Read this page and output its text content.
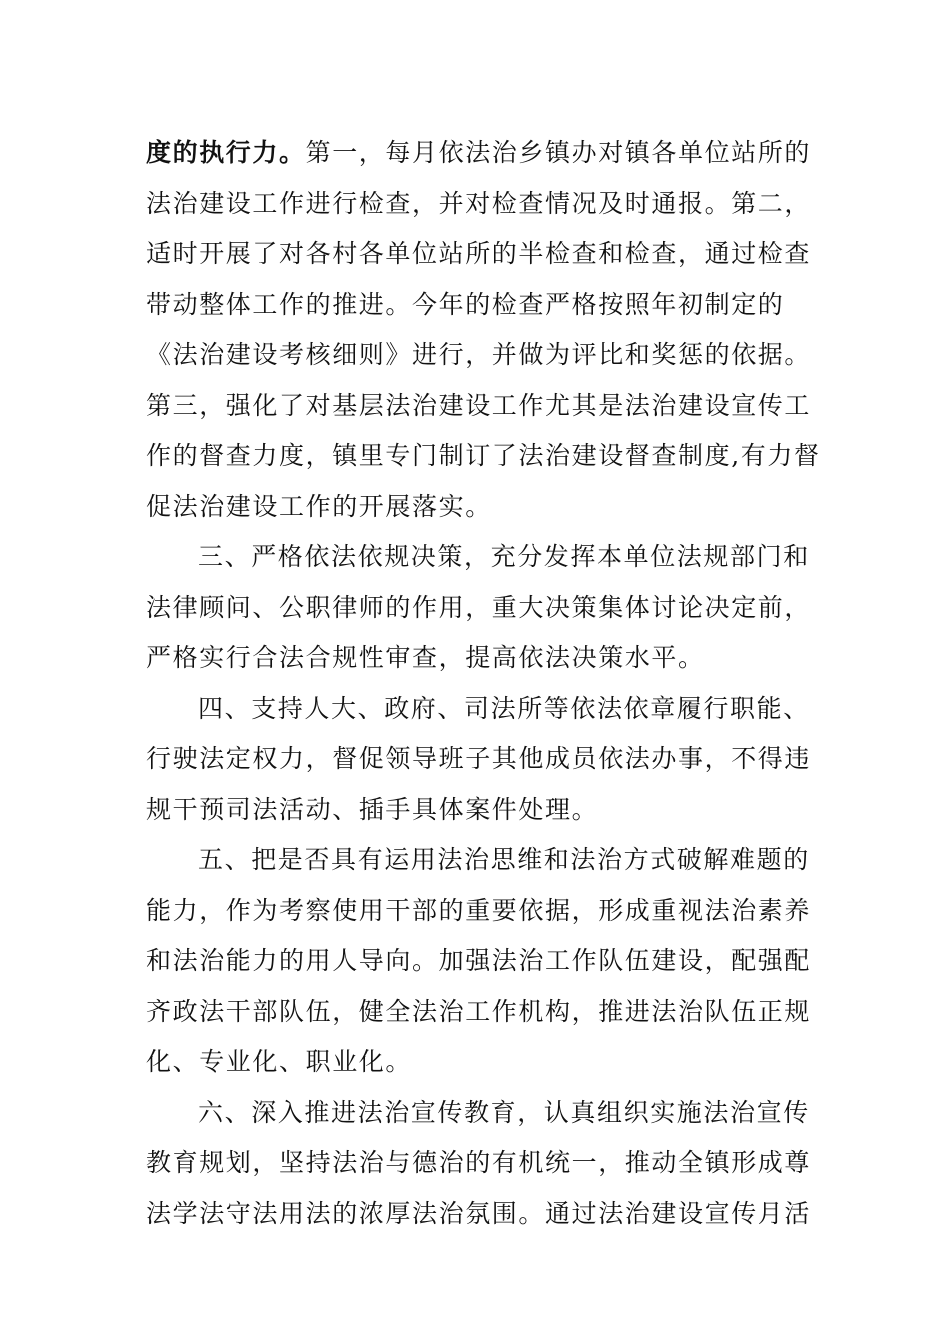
度的执行力。第一，每月依法治乡镇办对镇各单位站所的
法治建设工作进行检查，并对检查情况及时通报。第二，
适时开展了对各村各单位站所的半检查和检查，通过检查
带动整体工作的推进。今年的检查严格按照年初制定的
《法治建设考核细则》进行，并做为评比和奖惩的依据。
第三，强化了对基层法治建设工作尤其是法治建设宣传工
作的督查力度，镇里专门制订了法治建设督查制度,有力督
促法治建设工作的开展落实。
三、严格依法依规决策，充分发挥本单位法规部门和
法律顾问、公职律师的作用，重大决策集体讨论决定前，
严格实行合法合规性审查，提高依法决策水平。
四、支持人大、政府、司法所等依法依章履行职能、
行驶法定权力，督促领导班子其他成员依法办事，不得违
规干预司法活动、插手具体案件处理。
五、把是否具有运用法治思维和法治方式破解难题的
能力，作为考察使用干部的重要依据，形成重视法治素养
和法治能力的用人导向。加强法治工作队伍建设，配强配
齐政法干部队伍，健全法治工作机构，推进法治队伍正规
化、专业化、职业化。
六、深入推进法治宣传教育，认真组织实施法治宣传
教育规划，坚持法治与德治的有机统一，推动全镇形成尊
法学法守法用法的浓厚法治氛围。通过法治建设宣传月活
